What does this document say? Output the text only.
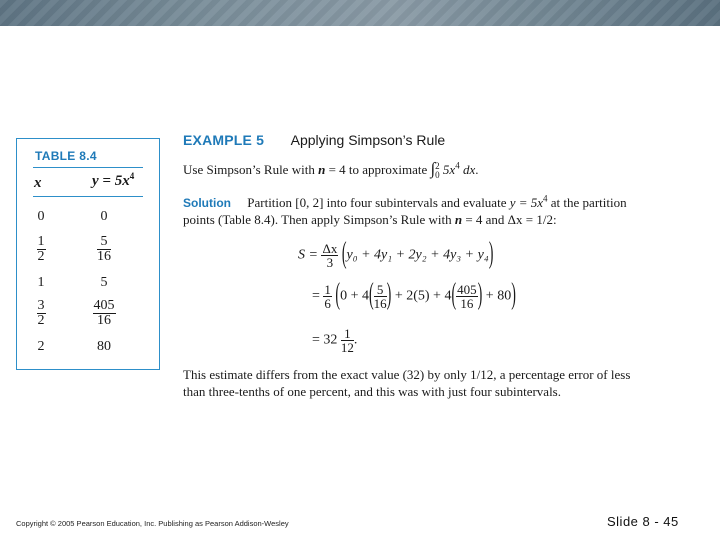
TABLE 8.4
x	$y = 5x^4$
0	0
$\frac{1}{2}$	$\frac{5}{16}$
1	5
$\frac{3}{2}$	$\frac{405}{16}$
2	80
EXAMPLE 5 Applying Simpson’s Rule
Use Simpson’s Rule with n = 4 to approximate ∫ 2
0 $5x^4$ dx.
Solution Partition [0, 2] into four subintervals and evaluate $y = 5x^4$ at the partition
points (Table 8.4). Then apply Simpson’s Rule with n = 4 and Δx = 1/2:
$S = \frac{\Delta x}{3} (y_0 + 4y_1 + 2y_2 + 4y_3 + y_4)$
= $\frac{1}{6} (0 + 4( \frac{5}{16}$ ) + $2(5) + 4( \frac{405}{16}$ ) + 80)
= $32 \frac{1}{12}$ .
This estimate differs from the exact value (32) by only 1/12, a percentage error of less
than three-tenths of one percent, and this was with just four subintervals.
Copyright © 2005 Pearson Education, Inc. Publishing as Pearson Addison-Wesley	Slide 8 - 45
